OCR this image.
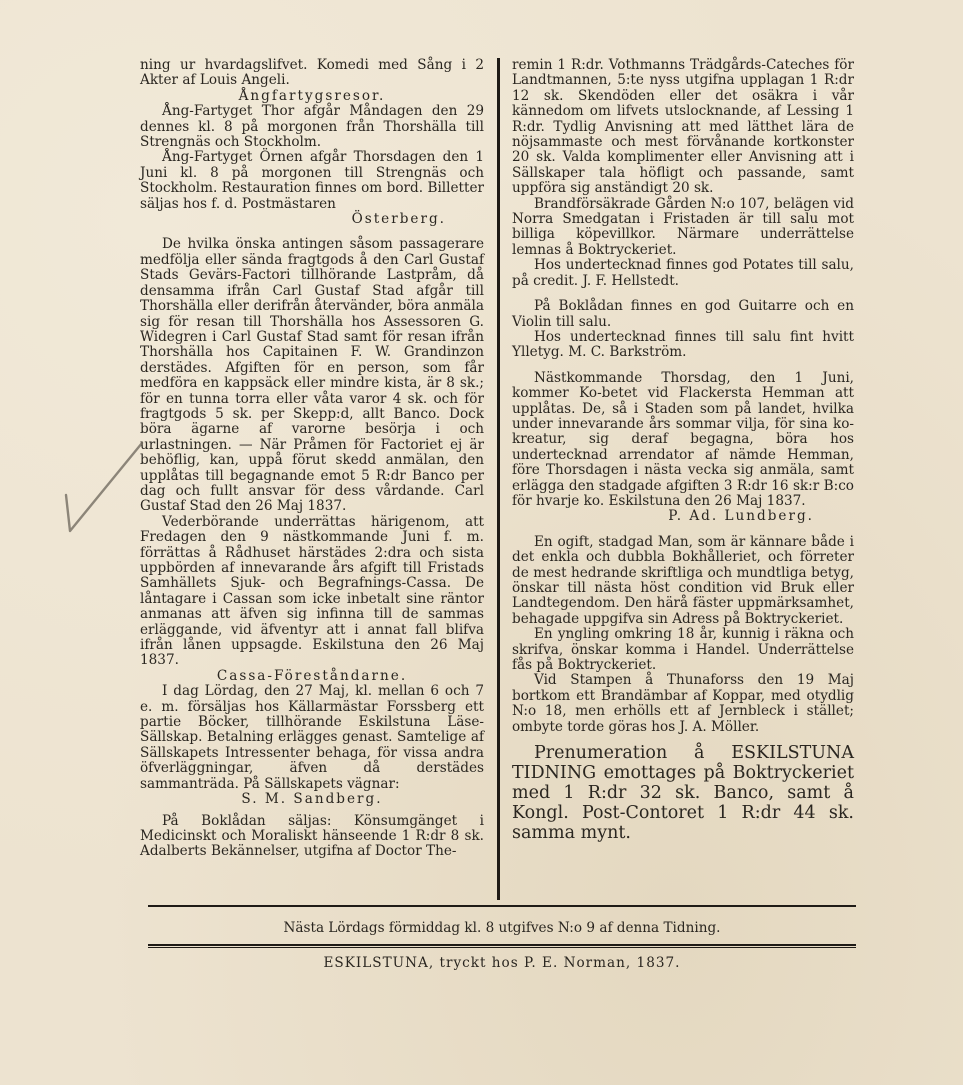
ning ur hvardagslifvet. Komedi med Sång i 2 Akter af Louis Angeli.

Ångfartygsresor.

Ång-Fartyget Thor afgår Måndagen den 29 dennes kl. 8 på morgonen från Thorshälla till Strengnäs och Stockholm.

Ång-Fartyget Örnen afgår Thorsdagen den 1 Juni kl. 8 på morgonen till Strengnäs och Stockholm. Restauration finnes om bord. Billetter säljas hos f. d. Postmästaren

Österberg.

De hvilka önska antingen såsom passagerare medfölja eller sända fragtgods å den Carl Gustaf Stads Gevärs-Factori tillhörande Lastpråm, då densamma ifrån Carl Gustaf Stad afgår till Thorshälla eller derifrån återvänder, böra anmäla sig för resan till Thorshälla hos Assessoren G. Widegren i Carl Gustaf Stad samt för resan ifrån Thorshälla hos Capitainen F. W. Grandinzon derstädes. Afgiften för en person, som får medföra en kappsäck eller mindre kista, är 8 sk.; för en tunna torra eller våta varor 4 sk. och för fragtgods 5 sk. per Skepp:d, allt Banco. Dock böra ägarne af varorne besörja i och urlastningen. — När Pråmen för Factoriet ej är behöflig, kan, uppå förut skedd anmälan, den upplåtas till begagnande emot 5 R:dr Banco per dag och fullt ansvar för dess vårdande. Carl Gustaf Stad den 26 Maj 1837.

Vederbörande underrättas härigenom, att Fredagen den 9 nästkommande Juni f. m. förrättas å Rådhuset härstädes 2:dra och sista uppbörden af innevarande års afgift till Fristads Samhällets Sjuk- och Begrafnings-Cassa. De låntagare i Cassan som icke inbetalt sine räntor anmanas att äfven sig infinna till de sammas erläggande, vid äfventyr att i annat fall blifva ifrån lånen uppsagde. Eskilstuna den 26 Maj 1837.

Cassa-Föreståndarne.

I dag Lördag, den 27 Maj, kl. mellan 6 och 7 e. m. försäljas hos Källarmästar Forssberg ett partie Böcker, tillhörande Eskilstuna Läse-Sällskap. Betalning erlägges genast. Samtelige af Sällskapets Intressenter behaga, för vissa andra öfverläggningar, äfven då derstädes sammanträda. På Sällskapets vägnar:

S. M. Sandberg.

På Boklådan säljas: Könsumgänget i Medicinskt och Moraliskt hänseende 1 R:dr 8 sk. Adalberts Bekännelser, utgifna af Doctor The-

remin 1 R:dr. Vothmanns Trädgårds-Cateches för Landtmannen, 5:te nyss utgifna upplagan 1 R:dr 12 sk. Skendöden eller det osäkra i vår kännedom om lifvets utslocknande, af Lessing 1 R:dr. Tydlig Anvisning att med lätthet lära de nöjsammaste och mest förvånande kortkonster 20 sk. Valda komplimenter eller Anvisning att i Sällskaper tala höfligt och passande, samt uppföra sig anständigt 20 sk.

Brandförsäkrade Gården N:o 107, belägen vid Norra Smedgatan i Fristaden är till salu mot billiga köpevillkor. Närmare underrättelse lemnas å Boktryckeriet.

Hos undertecknad finnes god Potates till salu, på credit. J. F. Hellstedt.

På Boklådan finnes en god Guitarre och en Violin till salu.

Hos undertecknad finnes till salu fint hvitt Ylletyg. M. C. Barkström.

Nästkommande Thorsdag, den 1 Juni, kommer Ko-betet vid Flackersta Hemman att upplåtas. De, så i Staden som på landet, hvilka under innevarande års sommar vilja, för sina ko-kreatur, sig deraf begagna, böra hos undertecknad arrendator af nämde Hemman, före Thorsdagen i nästa vecka sig anmäla, samt erlägga den stadgade afgiften 3 R:dr 16 sk:r B:co för hvarje ko. Eskilstuna den 26 Maj 1837.

P. Ad. Lundberg.

En ogift, stadgad Man, som är kännare både i det enkla och dubbla Bokhålleriet, och förreter de mest hedrande skriftliga och mundtliga betyg, önskar till nästa höst condition vid Bruk eller Landtegendom. Den härå fäster uppmärksamhet, behagade uppgifva sin Adress på Boktryckeriet.

En yngling omkring 18 år, kunnig i räkna och skrifva, önskar komma i Handel. Underrättelse fås på Boktryckeriet.

Vid Stampen å Thunaforss den 19 Maj bortkom ett Brandämbar af Koppar, med otydlig N:o 18, men erhölls ett af Jernbleck i stället; ombyte torde göras hos J. A. Möller.

Prenumeration å ESKILSTUNA TIDNING emottages på Boktryckeriet med 1 R:dr 32 sk. Banco, samt å Kongl. Post-Contoret 1 R:dr 44 sk. samma mynt.

Nästa Lördags förmiddag kl. 8 utgifves N:o 9 af denna Tidning.
ESKILSTUNA, tryckt hos P. E. Norman, 1837.
